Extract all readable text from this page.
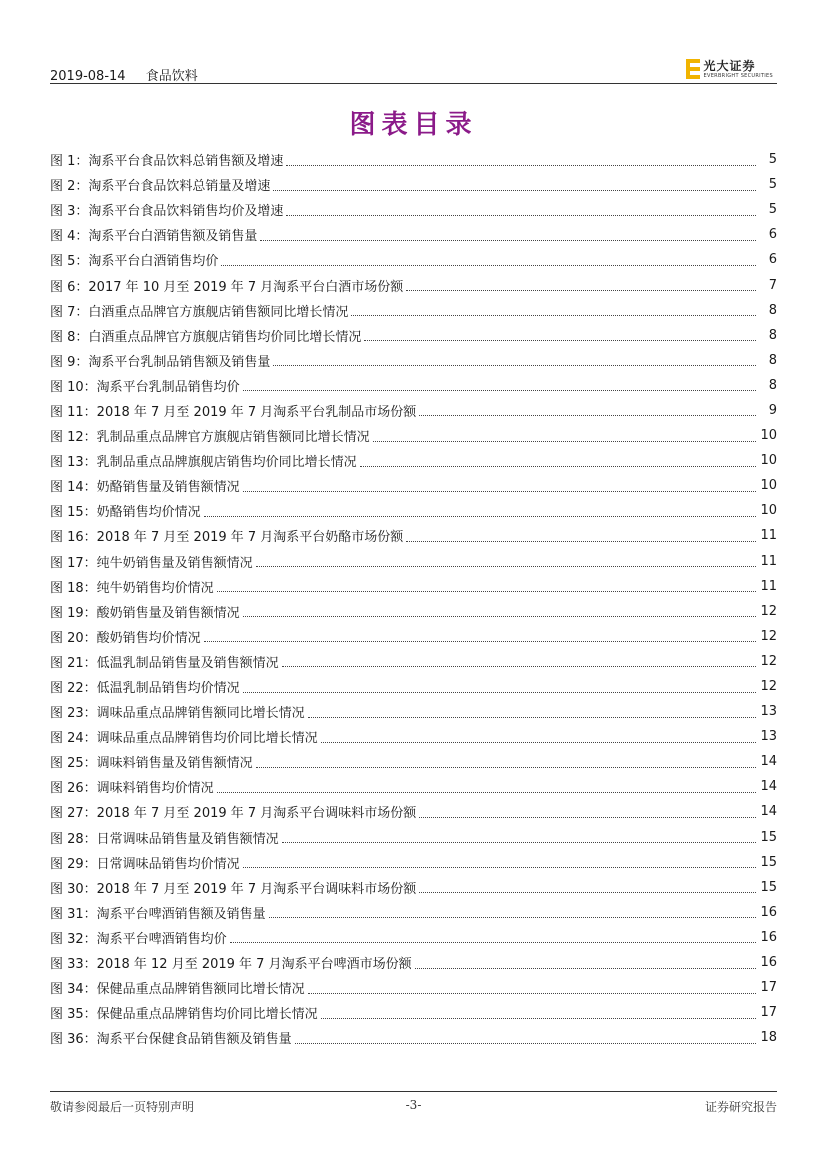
2019-08-14 食品饮料
光大证券
EVERBRIGHT SECURITIES
图表目录
图 1：淘系平台食品饮料总销售额及增速	5
图 2：淘系平台食品饮料总销量及增速	5
图 3：淘系平台食品饮料销售均价及增速	5
图 4：淘系平台白酒销售额及销售量	6
图 5：淘系平台白酒销售均价	6
图 6：2017 年 10 月至 2019 年 7 月淘系平台白酒市场份额	7
图 7：白酒重点品牌官方旗舰店销售额同比增长情况	8
图 8：白酒重点品牌官方旗舰店销售均价同比增长情况	8
图 9：淘系平台乳制品销售额及销售量	8
图 10：淘系平台乳制品销售均价	8
图 11：2018 年 7 月至 2019 年 7 月淘系平台乳制品市场份额	9
图 12：乳制品重点品牌官方旗舰店销售额同比增长情况	10
图 13：乳制品重点品牌旗舰店销售均价同比增长情况	10
图 14：奶酪销售量及销售额情况	10
图 15：奶酪销售均价情况	10
图 16：2018 年 7 月至 2019 年 7 月淘系平台奶酪市场份额	11
图 17：纯牛奶销售量及销售额情况	11
图 18：纯牛奶销售均价情况	11
图 19：酸奶销售量及销售额情况	12
图 20：酸奶销售均价情况	12
图 21：低温乳制品销售量及销售额情况	12
图 22：低温乳制品销售均价情况	12
图 23：调味品重点品牌销售额同比增长情况	13
图 24：调味品重点品牌销售均价同比增长情况	13
图 25：调味料销售量及销售额情况	14
图 26：调味料销售均价情况	14
图 27：2018 年 7 月至 2019 年 7 月淘系平台调味料市场份额	14
图 28：日常调味品销售量及销售额情况	15
图 29：日常调味品销售均价情况	15
图 30：2018 年 7 月至 2019 年 7 月淘系平台调味料市场份额	15
图 31：淘系平台啤酒销售额及销售量	16
图 32：淘系平台啤酒销售均价	16
图 33：2018 年 12 月至 2019 年 7 月淘系平台啤酒市场份额	16
图 34：保健品重点品牌销售额同比增长情况	17
图 35：保健品重点品牌销售均价同比增长情况	17
图 36：淘系平台保健食品销售额及销售量	18
敬请参阅最后一页特别声明	-3-	证券研究报告
